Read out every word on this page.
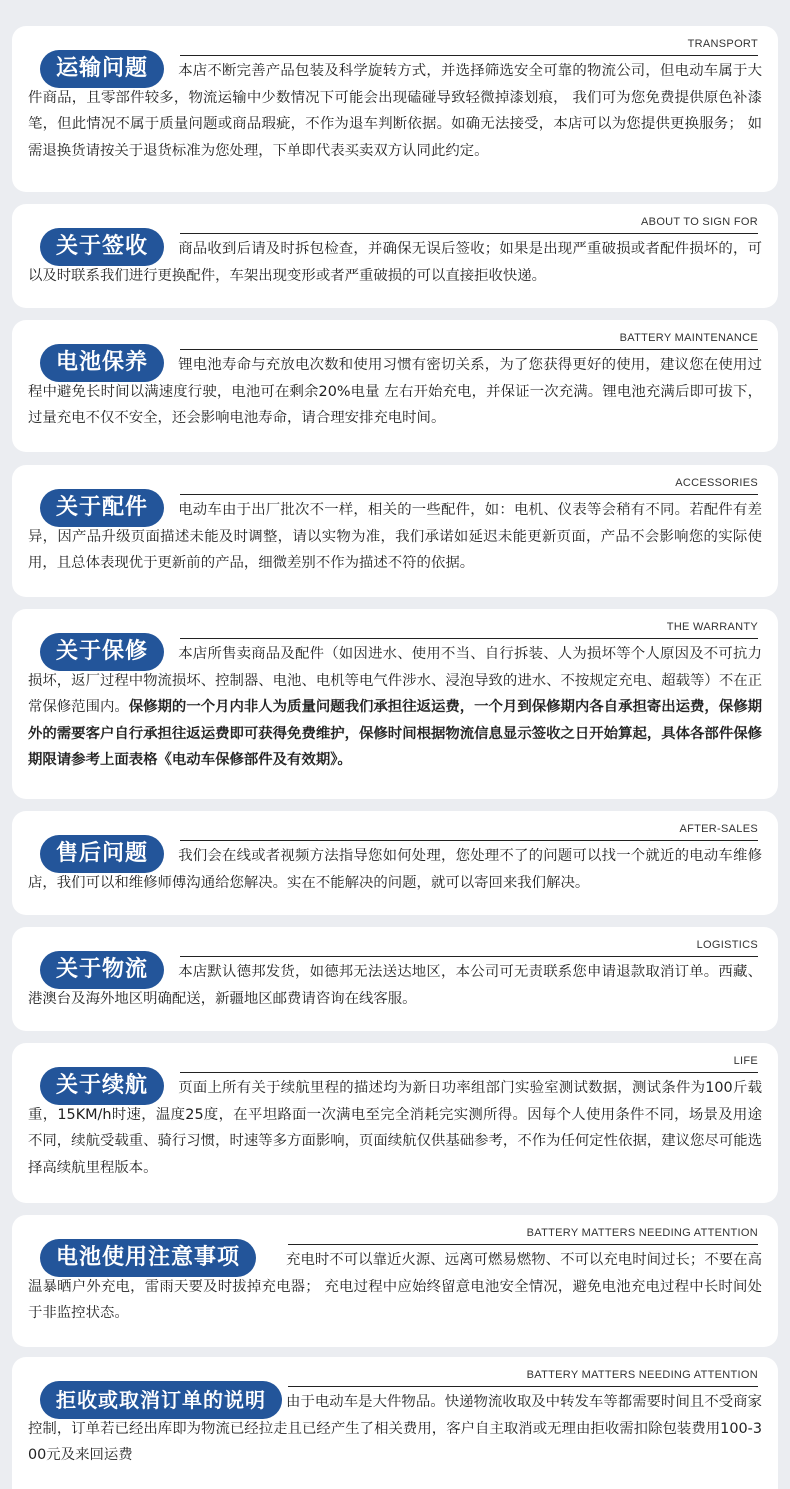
运输问题
TRANSPORT
本店不断完善产品包装及科学旋转方式，并选择筛选安全可靠的物流公司，但电动车属于大件商品，且零部件较多，物流运输中少数情况下可能会出现磕碰导致轻微掉漆划痕， 我们可为您免费提供原色补漆笔，但此情况不属于质量问题或商品瑕疵，不作为退车判断依据。如确无法接受，本店可以为您提供更换服务； 如需退换货请按关于退货标准为您处理，下单即代表买卖双方认同此约定。
关于签收
ABOUT TO SIGN FOR
商品收到后请及时拆包检查，并确保无误后签收；如果是出现严重破损或者配件损坏的，可以及时联系我们进行更换配件，车架出现变形或者严重破损的可以直接拒收快递。
电池保养
BATTERY MAINTENANCE
锂电池寿命与充放电次数和使用习惯有密切关系，为了您获得更好的使用，建议您在使用过程中避免长时间以满速度行驶，电池可在剩余20%电量 左右开始充电，并保证一次充满。锂电池充满后即可拔下，过量充电不仅不安全，还会影响电池寿命，请合理安排充电时间。
关于配件
ACCESSORIES
电动车由于出厂批次不一样，相关的一些配件，如：电机、仪表等会稍有不同。若配件有差异，因产品升级页面描述未能及时调整，请以实物为准，我们承诺如延迟未能更新页面，产品不会影响您的实际使用，且总体表现优于更新前的产品，细微差别不作为描述不符的依据。
关于保修
THE WARRANTY
本店所售卖商品及配件（如因进水、使用不当、自行拆装、人为损坏等个人原因及不可抗力损坏，返厂过程中物流损坏、控制器、电池、电机等电气件涉水、浸泡导致的进水、不按规定充电、超载等）不在正常保修范围内。保修期的一个月内非人为质量问题我们承担往返运费，一个月到保修期内各自承担寄出运费，保修期外的需要客户自行承担往返运费即可获得免费维护，保修时间根据物流信息显示签收之日开始算起，具体各部件保修期限请参考上面表格《电动车保修部件及有效期》。
售后问题
AFTER-SALES
我们会在线或者视频方法指导您如何处理，您处理不了的问题可以找一个就近的电动车维修店，我们可以和维修师傅沟通给您解决。实在不能解决的问题，就可以寄回来我们解决。
关于物流
LOGISTICS
本店默认德邦发货，如德邦无法送达地区，本公司可无责联系您申请退款取消订单。西藏、港澳台及海外地区明确配送，新疆地区邮费请咨询在线客服。
关于续航
LIFE
页面上所有关于续航里程的描述均为新日功率组部门实验室测试数据，测试条件为100斤载重，15KM/h时速，温度25度，在平坦路面一次满电至完全消耗完实测所得。因每个人使用条件不同，场景及用途不同，续航受载重、骑行习惯，时速等多方面影响，页面续航仅供基础参考，不作为任何定性依据，建议您尽可能选择高续航里程版本。
电池使用注意事项
BATTERY MATTERS NEEDING ATTENTION
充电时不可以靠近火源、远离可燃易燃物、不可以充电时间过长；不要在高温暴晒户外充电，雷雨天要及时拔掉充电器； 充电过程中应始终留意电池安全情况，避免电池充电过程中长时间处于非监控状态。
拒收或取消订单的说明
BATTERY MATTERS NEEDING ATTENTION
由于电动车是大件物品。快递物流收取及中转发车等都需要时间且不受商家控制，订单若已经出库即为物流已经拉走且已经产生了相关费用，客户自主取消或无理由拒收需扣除包装费用100-300元及来回运费
